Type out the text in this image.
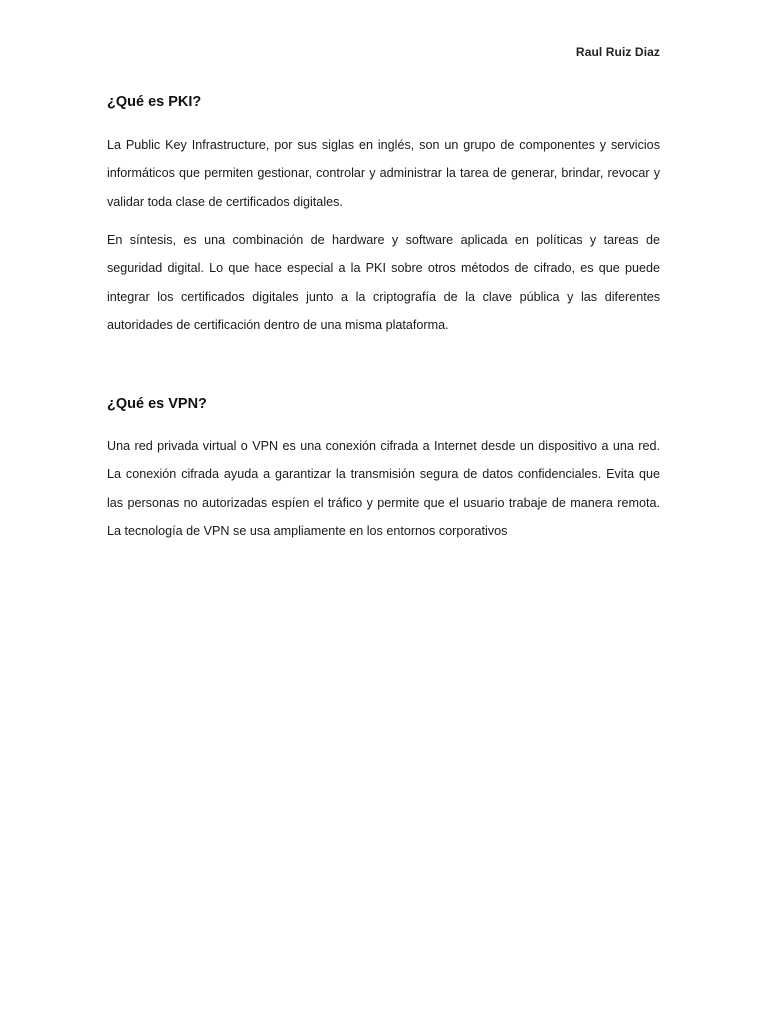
Raul Ruiz Diaz
¿Qué es PKI?

La Public Key Infrastructure, por sus siglas en inglés, son un grupo de componentes y servicios informáticos que permiten gestionar, controlar y administrar la tarea de generar, brindar, revocar y validar toda clase de certificados digitales.

En síntesis, es una combinación de hardware y software aplicada en políticas y tareas de seguridad digital. Lo que hace especial a la PKI sobre otros métodos de cifrado, es que puede integrar los certificados digitales junto a la criptografía de la clave pública y las diferentes autoridades de certificación dentro de una misma plataforma.

¿Qué es VPN?

Una red privada virtual o VPN es una conexión cifrada a Internet desde un dispositivo a una red. La conexión cifrada ayuda a garantizar la transmisión segura de datos confidenciales. Evita que las personas no autorizadas espíen el tráfico y permite que el usuario trabaje de manera remota. La tecnología de VPN se usa ampliamente en los entornos corporativos
